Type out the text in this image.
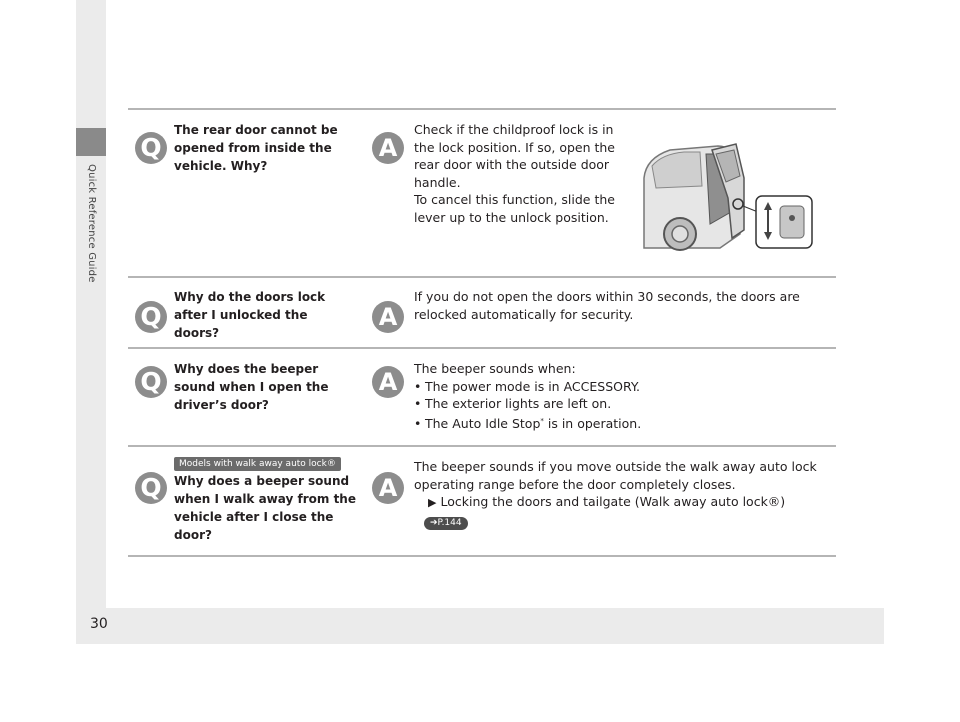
Quick Reference Guide
Q
The rear door cannot be opened from inside the vehicle. Why?
A
Check if the childproof lock is in
the lock position. If so, open the
rear door with the outside door
handle.
To cancel this function, slide the
lever up to the unlock position.
Q
Why do the doors lock after I unlocked the doors?
A
If you do not open the doors within 30 seconds, the doors are
relocked automatically for security.
Q	Why does the beeper sound when I open the driver’s door?
A	The beeper sounds when:
• The power mode is in ACCESSORY.
• The exterior lights are left on.
• The Auto Idle Stop* is in operation.
Models with walk away auto lock®
Q	Why does a beeper sound when I walk away from the vehicle after I close the door?
A
The beeper sounds if you move outside the walk away auto lock
operating range before the door completely closes.
▶ Locking the doors and tailgate (Walk away auto lock®)
➔P.144
30
